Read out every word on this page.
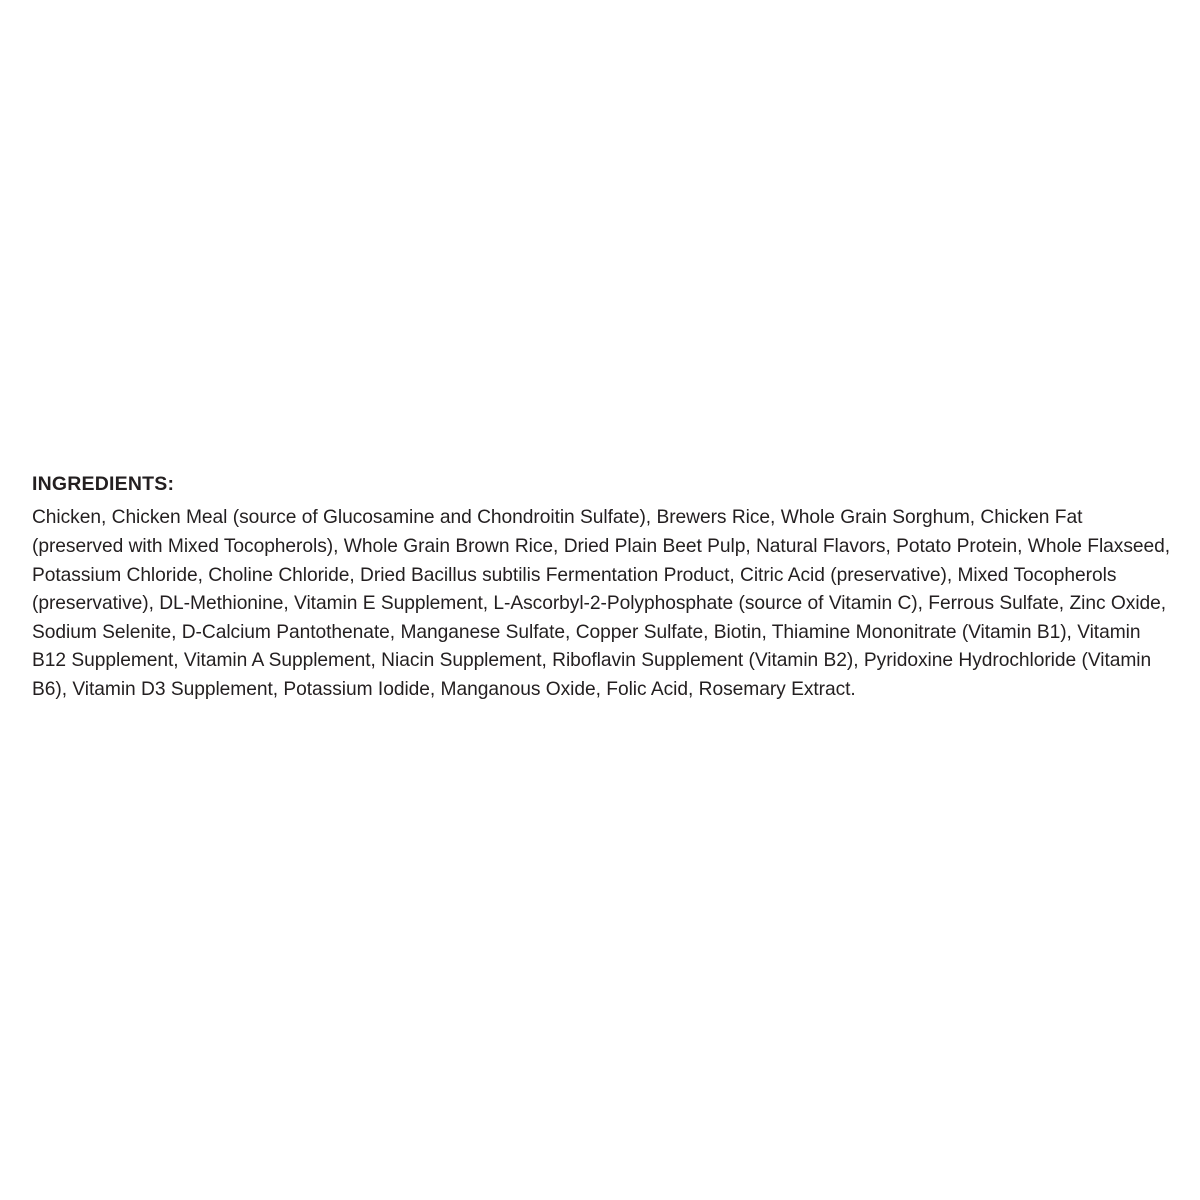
INGREDIENTS:

Chicken, Chicken Meal (source of Glucosamine and Chondroitin Sulfate), Brewers Rice, Whole Grain Sorghum, Chicken Fat (preserved with Mixed Tocopherols), Whole Grain Brown Rice, Dried Plain Beet Pulp, Natural Flavors, Potato Protein, Whole Flaxseed, Potassium Chloride, Choline Chloride, Dried Bacillus subtilis Fermentation Product, Citric Acid (preservative), Mixed Tocopherols (preservative), DL-Methionine, Vitamin E Supplement, L-Ascorbyl-2-Polyphosphate (source of Vitamin C), Ferrous Sulfate, Zinc Oxide, Sodium Selenite, D-Calcium Pantothenate, Manganese Sulfate, Copper Sulfate, Biotin, Thiamine Mononitrate (Vitamin B1), Vitamin B12 Supplement, Vitamin A Supplement, Niacin Supplement, Riboflavin Supplement (Vitamin B2), Pyridoxine Hydrochloride (Vitamin B6), Vitamin D3 Supplement, Potassium Iodide, Manganous Oxide, Folic Acid, Rosemary Extract.
